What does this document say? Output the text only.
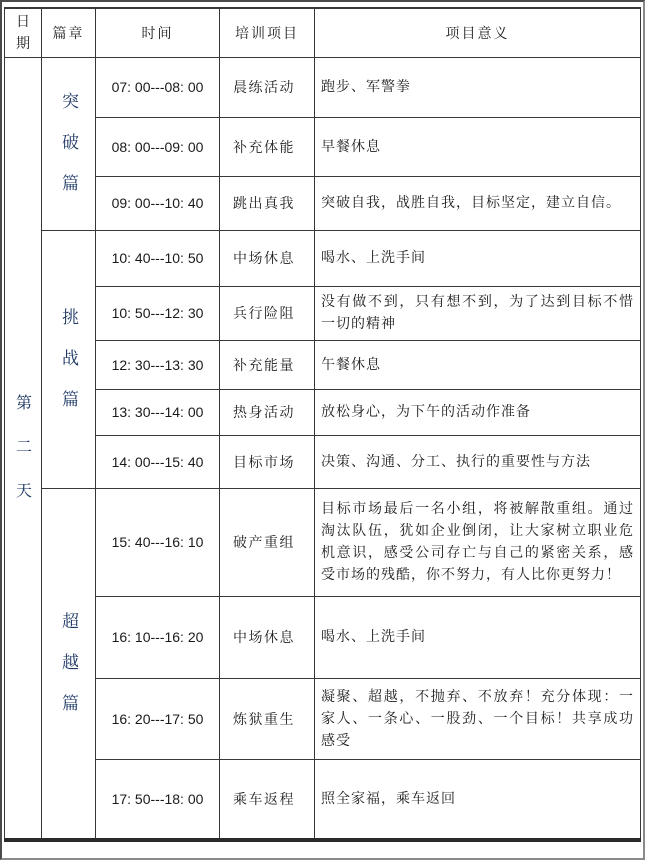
日期	篇章	时间	培训项目	项目意义
第二天	突破篇	07: 00---08: 00	晨练活动	跑步、军警拳
		08: 00---09: 00	补充体能	早餐休息
		09: 00---10: 40	跳出真我	突破自我，战胜自我，目标坚定，建立自信。
	挑战篇	10: 40---10: 50	中场休息	喝水、上洗手间
		10: 50---12: 30	兵行险阻	没有做不到，只有想不到，为了达到目标不惜一切的精神
		12: 30---13: 30	补充能量	午餐休息
		13: 30---14: 00	热身活动	放松身心，为下午的活动作准备
		14: 00---15: 40	目标市场	决策、沟通、分工、执行的重要性与方法
	超越篇	15: 40---16: 10	破产重组	目标市场最后一名小组，将被解散重组。通过淘汰队伍，犹如企业倒闭，让大家树立职业危机意识，感受公司存亡与自己的紧密关系，感受市场的残酷，你不努力，有人比你更努力！
		16: 10---16: 20	中场休息	喝水、上洗手间
		16: 20---17: 50	炼狱重生	凝聚、超越，不抛弃、不放弃！充分体现：一家人、一条心、一股劲、一个目标！共享成功感受
		17: 50---18: 00	乘车返程	照全家福，乘车返回
